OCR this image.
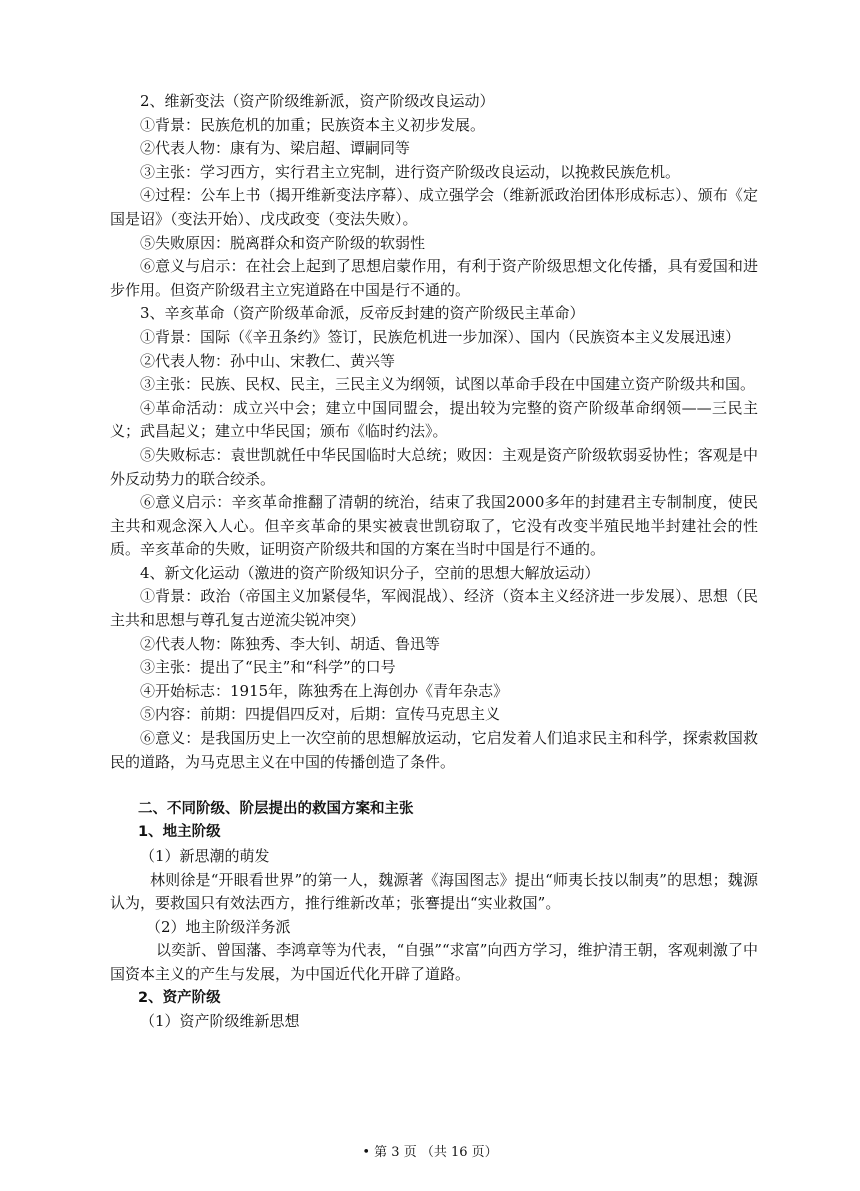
2、维新变法（资产阶级维新派，资产阶级改良运动）
①背景：民族危机的加重；民族资本主义初步发展。
②代表人物：康有为、梁启超、谭嗣同等
③主张：学习西方，实行君主立宪制，进行资产阶级改良运动，以挽救民族危机。
④过程：公车上书（揭开维新变法序幕）、成立强学会（维新派政治团体形成标志）、颁布《定国是诏》（变法开始）、戊戌政变（变法失败）。
⑤失败原因：脱离群众和资产阶级的软弱性
⑥意义与启示：在社会上起到了思想启蒙作用，有利于资产阶级思想文化传播，具有爱国和进步作用。但资产阶级君主立宪道路在中国是行不通的。
3、辛亥革命（资产阶级革命派，反帝反封建的资产阶级民主革命）
①背景：国际（《辛丑条约》签订，民族危机进一步加深）、国内（民族资本主义发展迅速）
②代表人物：孙中山、宋教仁、黄兴等
③主张：民族、民权、民主，三民主义为纲领，试图以革命手段在中国建立资产阶级共和国。
④革命活动：成立兴中会；建立中国同盟会，提出较为完整的资产阶级革命纲领——三民主义；武昌起义；建立中华民国；颁布《临时约法》。
⑤失败标志：袁世凯就任中华民国临时大总统；败因：主观是资产阶级软弱妥协性；客观是中外反动势力的联合绞杀。
⑥意义启示：辛亥革命推翻了清朝的统治，结束了我国2000多年的封建君主专制制度，使民主共和观念深入人心。但辛亥革命的果实被袁世凯窃取了，它没有改变半殖民地半封建社会的性质。辛亥革命的失败，证明资产阶级共和国的方案在当时中国是行不通的。
4、新文化运动（激进的资产阶级知识分子，空前的思想大解放运动）
①背景：政治（帝国主义加紧侵华，军阀混战）、经济（资本主义经济进一步发展）、思想（民主共和思想与尊孔复古逆流尖锐冲突）
②代表人物：陈独秀、李大钊、胡适、鲁迅等
③主张：提出了“民主”和“科学”的口号
④开始标志：1915年，陈独秀在上海创办《青年杂志》
⑤内容：前期：四提倡四反对，后期：宣传马克思主义
⑥意义：是我国历史上一次空前的思想解放运动，它启发着人们追求民主和科学，探索救国救民的道路，为马克思主义在中国的传播创造了条件。
二、不同阶级、阶层提出的救国方案和主张
1、地主阶级
（1）新思潮的萌发
林则徐是“开眼看世界”的第一人，魏源著《海国图志》提出“师夷长技以制夷”的思想；魏源认为，要救国只有效法西方，推行维新改革；张謇提出“实业救国”。
（2）地主阶级洋务派
以奕訢、曾国藩、李鸿章等为代表，“自强”“求富”向西方学习，维护清王朝，客观刺激了中国资本主义的产生与发展，为中国近代化开辟了道路。
2、资产阶级
（1）资产阶级维新思想
• 第 3 页 （共 16 页）
